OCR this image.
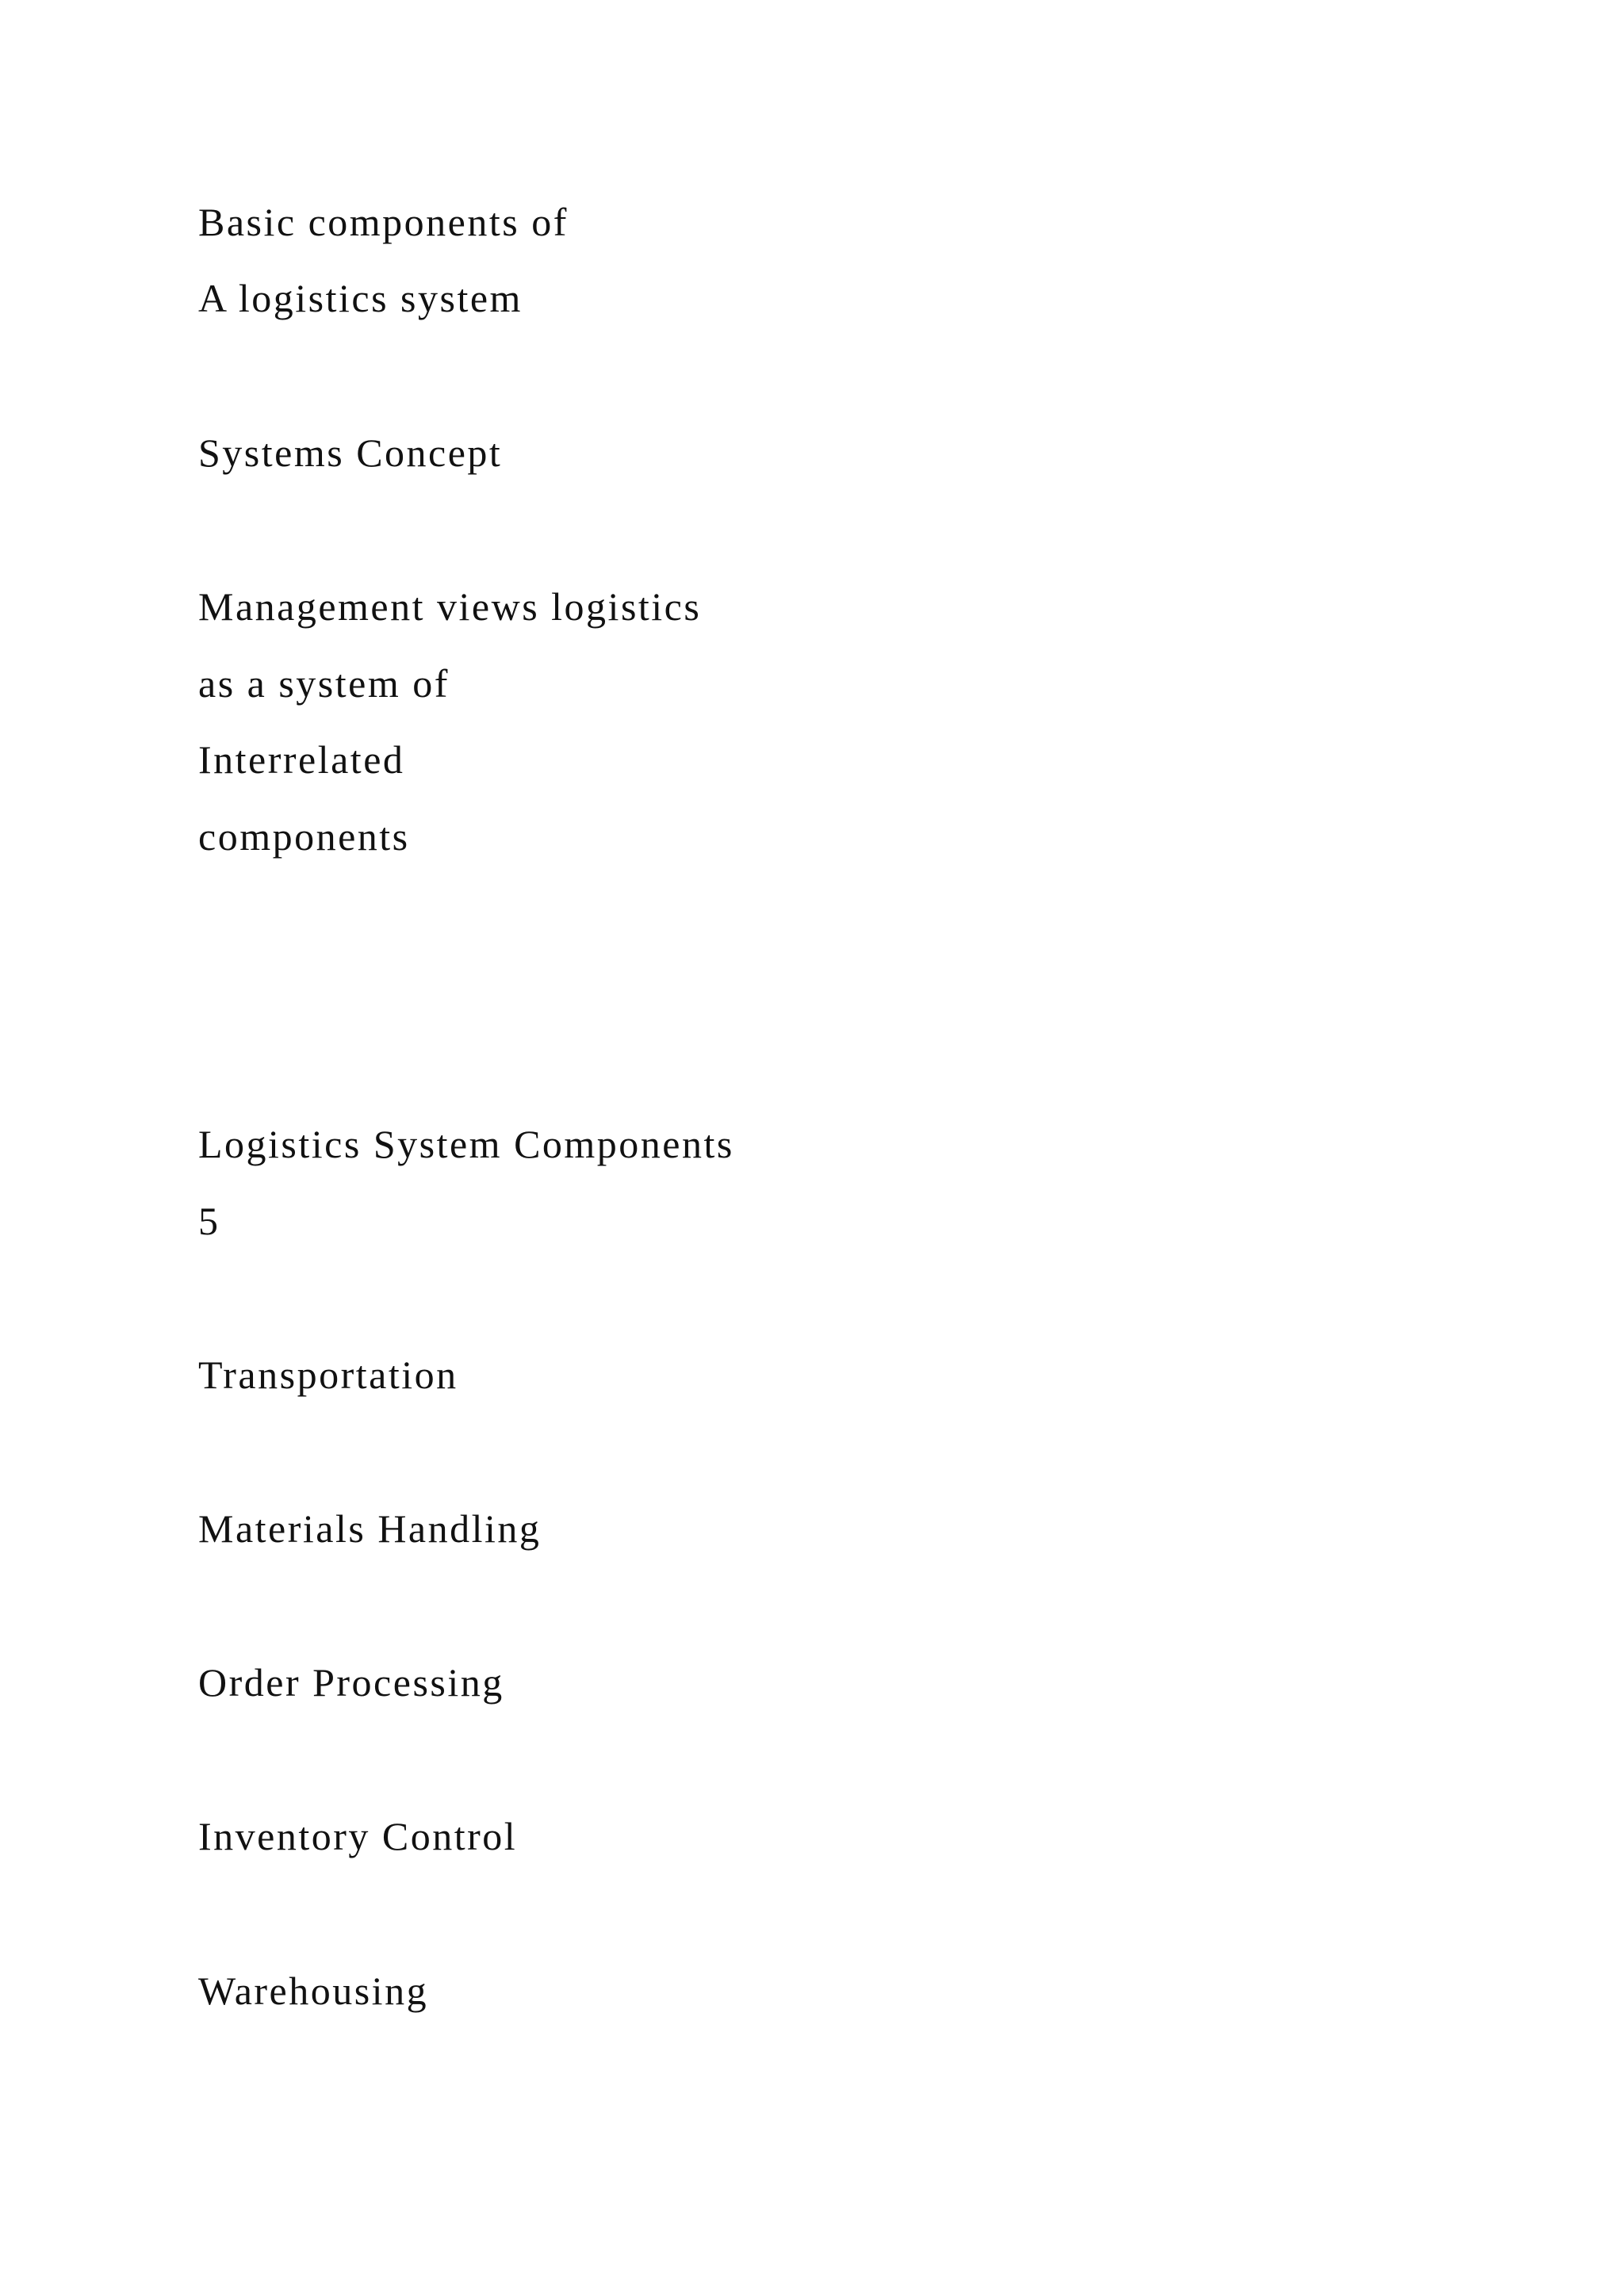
Basic components of

A logistics system

Systems Concept

Management views logistics

as a system of

Interrelated

components

Logistics System Components

5

Transportation

Materials Handling

Order Processing

Inventory Control

Warehousing
